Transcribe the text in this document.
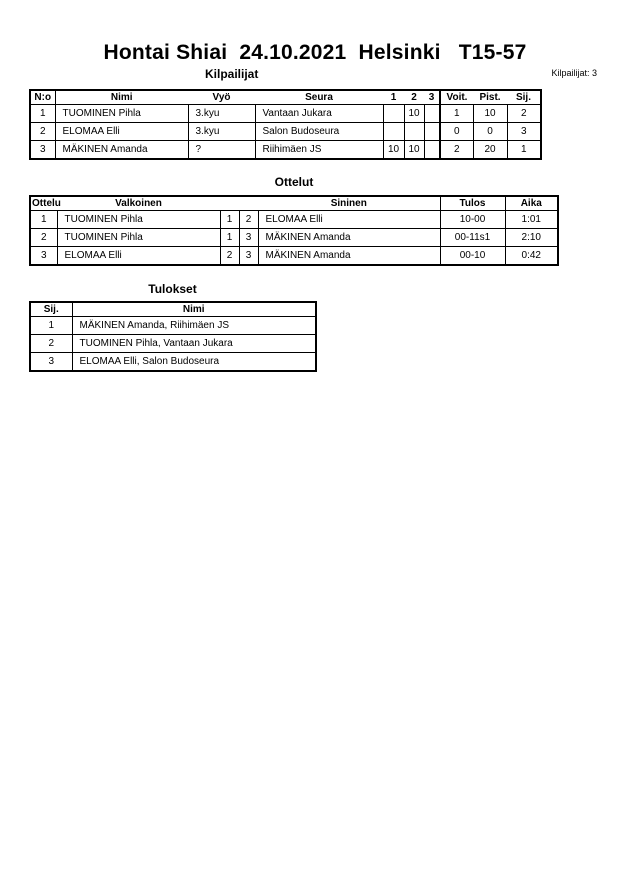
Hontai Shiai  24.10.2021  Helsinki   T15-57
Kilpailijat	Kilpailijat: 3
N:o	Nimi	Vyö	Seura	1	2	3	Voit.	Pist.	Sij.
1	TUOMINEN Pihla	3.kyu	Vantaan Jukara		10		1	10	2
2	ELOMAA Elli	3.kyu	Salon Budoseura				0	0	3
3	MÄKINEN Amanda	?	Riihimäen JS	10	10		2	20	1
Ottelut
Ottelu	Valkoinen			Sininen	Tulos	Aika
1	TUOMINEN Pihla	1	2	ELOMAA Elli	10-00	1:01
2	TUOMINEN Pihla	1	3	MÄKINEN Amanda	00-11s1	2:10
3	ELOMAA Elli	2	3	MÄKINEN Amanda	00-10	0:42
Tulokset
Sij.	Nimi
1	MÄKINEN Amanda, Riihimäen JS
2	TUOMINEN Pihla, Vantaan Jukara
3	ELOMAA Elli, Salon Budoseura
